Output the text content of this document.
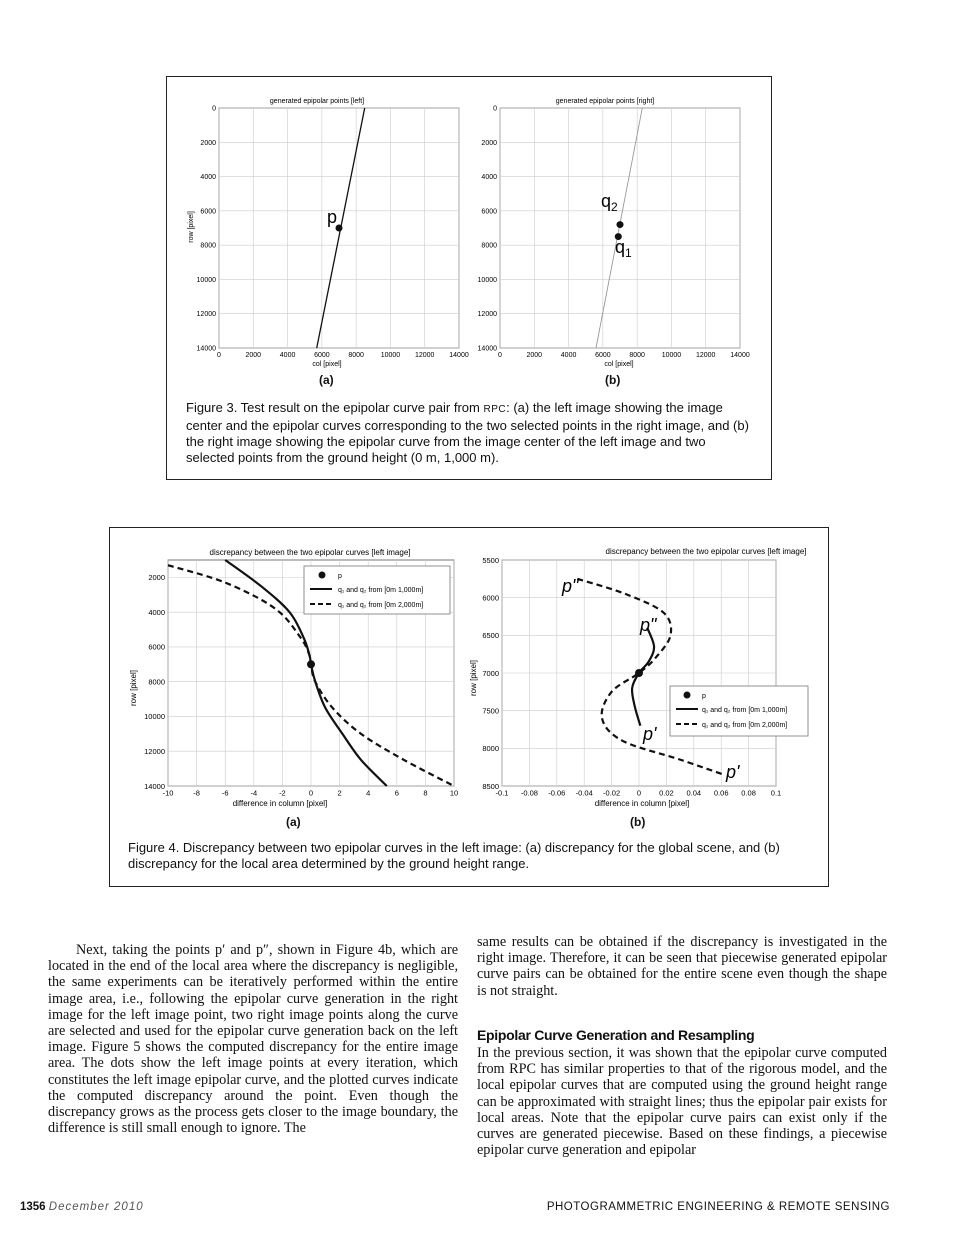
generated epipolar points [left]
col [pixel]
row [pixel]
0	2000	4000	6000	8000 10000 12000 14000
0
2000
4000
6000
8000
10000
12000
14000
p
generated epipolar points [right]
col [pixel]
0	2000	4000	6000	8000 10000 12000 14000
0
2000
4000
6000
8000
10000
12000
14000
$q_2$
$q_1$
(a)	(b)
Figure 3. Test result on the epipolar curve pair from RPC: (a) the left image showing the image center and the epipolar curves corresponding to the two selected points in the right image, and (b) the right image showing the epipolar curve from the image center of the left image and two selected points from the ground height (0 m, 1,000 m).
discrepancy between the two epipolar curves [left image]
difference in column [pixel]
row [pixel]
-10	-8	-6	-4	-2	0	2	4	6	8	10
2000
4000
6000
8000
10000
12000
14000
p
q₁ and q₂ from [0m 1,000m]
q₁ and q₂ from [0m 2,000m]
discrepancy between the two epipolar curves [left image]
difference in column [pixel]
row [pixel]
-0.1 -0.08 -0.06 -0.04 -0.02 0 0.02 0.04 0.06 0.08 0.1
5500
6000
6500
7000
7500
8000
8500
p
q₁ and q₂ from [0m 1,000m]
q₁ and q₂ from [0m 2,000m]
p"
p"
p'
p'
(a)	(b)
Figure 4. Discrepancy between two epipolar curves in the left image: (a) discrepancy for the global scene, and (b) discrepancy for the local area determined by the ground height range.

Next, taking the points p′ and p″, shown in Figure 4b, which are located in the end of the local area where the discrepancy is negligible, the same experiments can be iteratively performed within the entire image area, i.e., following the epipolar curve generation in the right image for the left image point, two right image points along the curve are selected and used for the epipolar curve generation back on the left image. Figure 5 shows the computed discrepancy for the entire image area. The dots show the left image points at every iteration, which constitutes the left image epipolar curve, and the plotted curves indicate the computed discrepancy around the point. Even though the discrepancy grows as the process gets closer to the image boundary, the difference is still small enough to ignore. The

same results can be obtained if the discrepancy is investigated in the right image. Therefore, it can be seen that piecewise generated epipolar curve pairs can be obtained for the entire scene even though the shape is not straight.

Epipolar Curve Generation and Resampling

In the previous section, it was shown that the epipolar curve computed from RPC has similar properties to that of the rigorous model, and the local epipolar curves that are computed using the ground height range can be approximated with straight lines; thus the epipolar pair exists for local areas. Note that the epipolar curve pairs can exist only if the curves are generated piecewise. Based on these findings, a piecewise epipolar curve generation and epipolar

1356 December 2010	PHOTOGRAMMETRIC ENGINEERING & REMOTE SENSING
